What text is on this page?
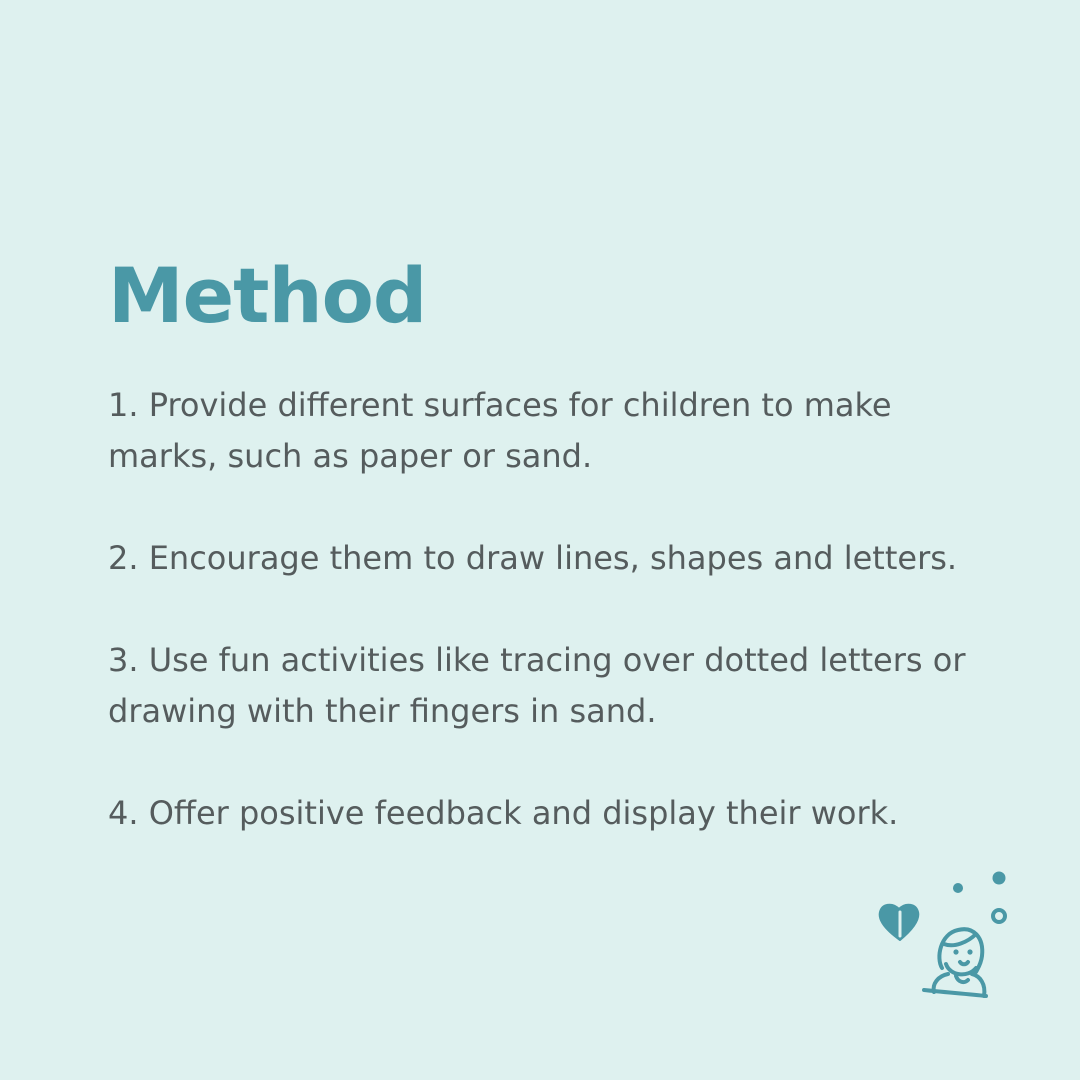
Method
1. Provide different surfaces for children to make marks, such as paper or sand.
2. Encourage them to draw lines, shapes and letters.
3. Use fun activities like tracing over dotted letters or drawing with their fingers in sand.
4. Offer positive feedback and display their work.
